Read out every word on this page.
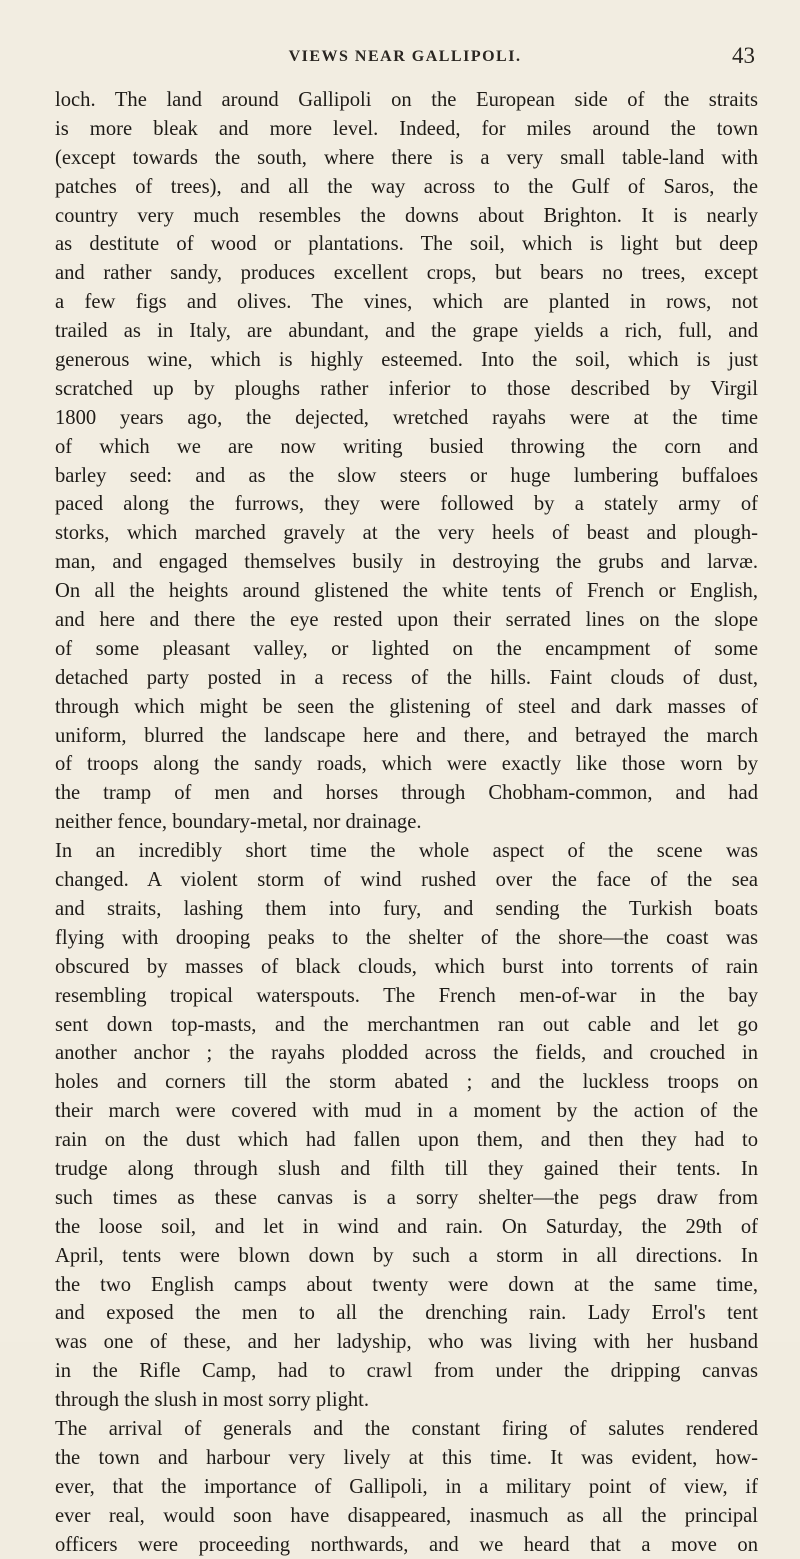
VIEWS NEAR GALLIPOLI.	43
loch. The land around Gallipoli on the European side of the straits
is more bleak and more level. Indeed, for miles around the town
(except towards the south, where there is a very small table-land with
patches of trees), and all the way across to the Gulf of Saros, the
country very much resembles the downs about Brighton. It is nearly
as destitute of wood or plantations. The soil, which is light but deep
and rather sandy, produces excellent crops, but bears no trees, except
a few figs and olives. The vines, which are planted in rows, not
trailed as in Italy, are abundant, and the grape yields a rich, full, and
generous wine, which is highly esteemed. Into the soil, which is just
scratched up by ploughs rather inferior to those described by Virgil
1800 years ago, the dejected, wretched rayahs were at the time
of which we are now writing busied throwing the corn and
barley seed: and as the slow steers or huge lumbering buffaloes
paced along the furrows, they were followed by a stately army of
storks, which marched gravely at the very heels of beast and plough-
man, and engaged themselves busily in destroying the grubs and larvæ.
On all the heights around glistened the white tents of French or English,
and here and there the eye rested upon their serrated lines on the slope
of some pleasant valley, or lighted on the encampment of some
detached party posted in a recess of the hills. Faint clouds of dust,
through which might be seen the glistening of steel and dark masses of
uniform, blurred the landscape here and there, and betrayed the march
of troops along the sandy roads, which were exactly like those worn by
the tramp of men and horses through Chobham-common, and had
neither fence, boundary-metal, nor drainage.
In an incredibly short time the whole aspect of the scene was
changed. A violent storm of wind rushed over the face of the sea
and straits, lashing them into fury, and sending the Turkish boats
flying with drooping peaks to the shelter of the shore—the coast was
obscured by masses of black clouds, which burst into torrents of rain
resembling tropical waterspouts. The French men-of-war in the bay
sent down top-masts, and the merchantmen ran out cable and let go
another anchor ; the rayahs plodded across the fields, and crouched in
holes and corners till the storm abated ; and the luckless troops on
their march were covered with mud in a moment by the action of the
rain on the dust which had fallen upon them, and then they had to
trudge along through slush and filth till they gained their tents. In
such times as these canvas is a sorry shelter—the pegs draw from
the loose soil, and let in wind and rain. On Saturday, the 29th of
April, tents were blown down by such a storm in all directions. In
the two English camps about twenty were down at the same time,
and exposed the men to all the drenching rain. Lady Errol's tent
was one of these, and her ladyship, who was living with her husband
in the Rifle Camp, had to crawl from under the dripping canvas
through the slush in most sorry plight.
The arrival of generals and the constant firing of salutes rendered
the town and harbour very lively at this time. It was evident, how-
ever, that the importance of Gallipoli, in a military point of view, if
ever real, would soon have disappeared, inasmuch as all the principal
officers were proceeding northwards, and we heard that a move on
